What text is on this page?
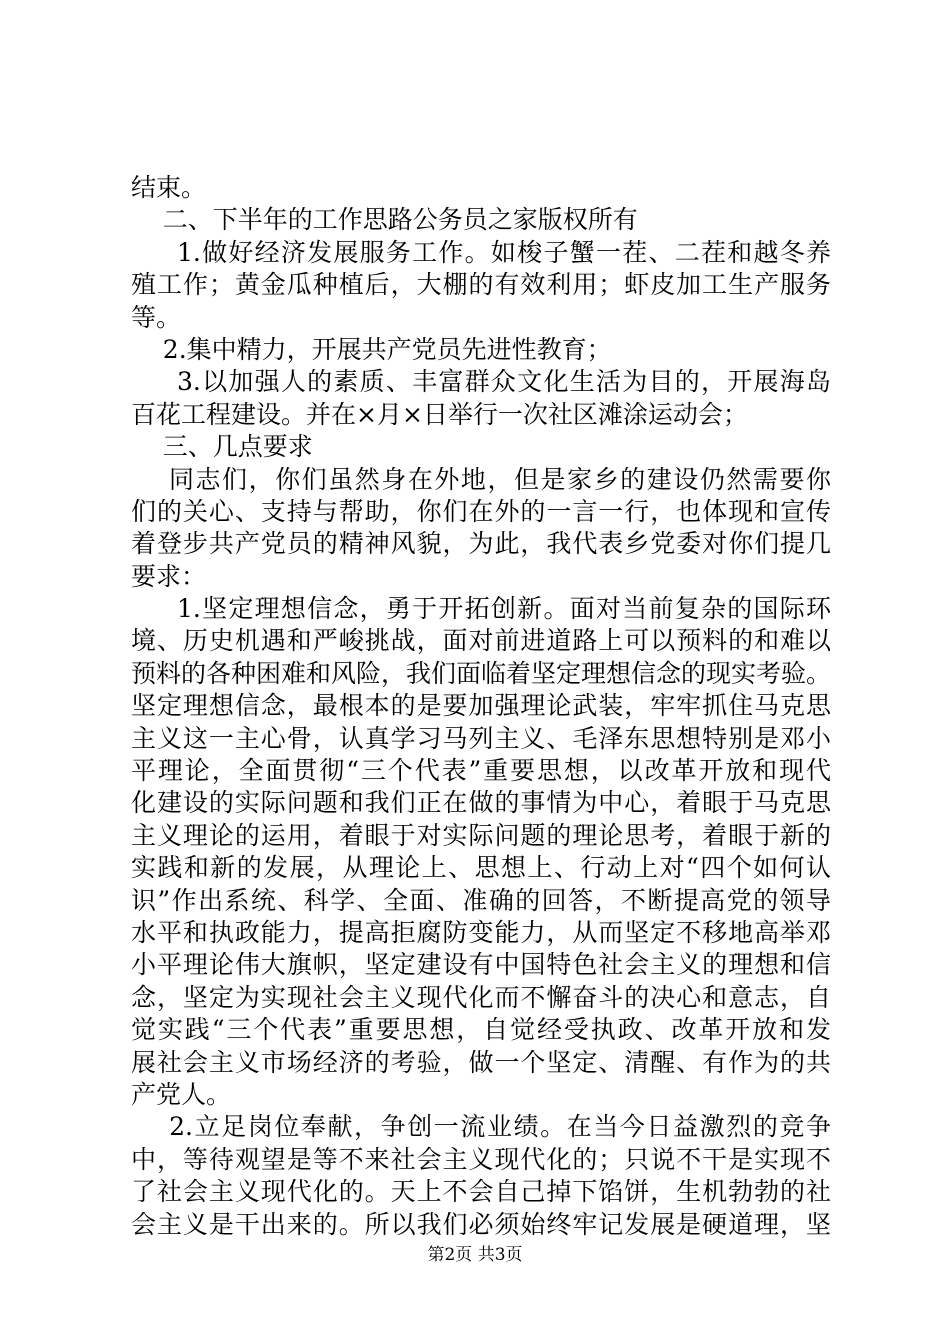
结束。
二、下半年的工作思路公务员之家版权所有
1.做好经济发展服务工作。如梭子蟹一茬、二茬和越冬养
殖工作；黄金瓜种植后，大棚的有效利用；虾皮加工生产服务
等。
2.集中精力，开展共产党员先进性教育；
3.以加强人的素质、丰富群众文化生活为目的，开展海岛
百花工程建设。并在×月×日举行一次社区滩涂运动会；
三、几点要求
同志们，你们虽然身在外地，但是家乡的建设仍然需要你
们的关心、支持与帮助，你们在外的一言一行，也体现和宣传
着登步共产党员的精神风貌，为此，我代表乡党委对你们提几
要求：
1.坚定理想信念，勇于开拓创新。面对当前复杂的国际环
境、历史机遇和严峻挑战，面对前进道路上可以预料的和难以
预料的各种困难和风险，我们面临着坚定理想信念的现实考验。
坚定理想信念，最根本的是要加强理论武装，牢牢抓住马克思
主义这一主心骨，认真学习马列主义、毛泽东思想特别是邓小
平理论，全面贯彻“三个代表”重要思想，以改革开放和现代
化建设的实际问题和我们正在做的事情为中心，着眼于马克思
主义理论的运用，着眼于对实际问题的理论思考，着眼于新的
实践和新的发展，从理论上、思想上、行动上对“四个如何认
识”作出系统、科学、全面、准确的回答，不断提高党的领导
水平和执政能力，提高拒腐防变能力，从而坚定不移地高举邓
小平理论伟大旗帜，坚定建设有中国特色社会主义的理想和信
念，坚定为实现社会主义现代化而不懈奋斗的决心和意志，自
觉实践“三个代表”重要思想，自觉经受执政、改革开放和发
展社会主义市场经济的考验，做一个坚定、清醒、有作为的共
产党人。
2.立足岗位奉献，争创一流业绩。在当今日益激烈的竞争
中，等待观望是等不来社会主义现代化的；只说不干是实现不
了社会主义现代化的。天上不会自己掉下馅饼，生机勃勃的社
会主义是干出来的。所以我们必须始终牢记发展是硬道理，坚
第2页 共3页
